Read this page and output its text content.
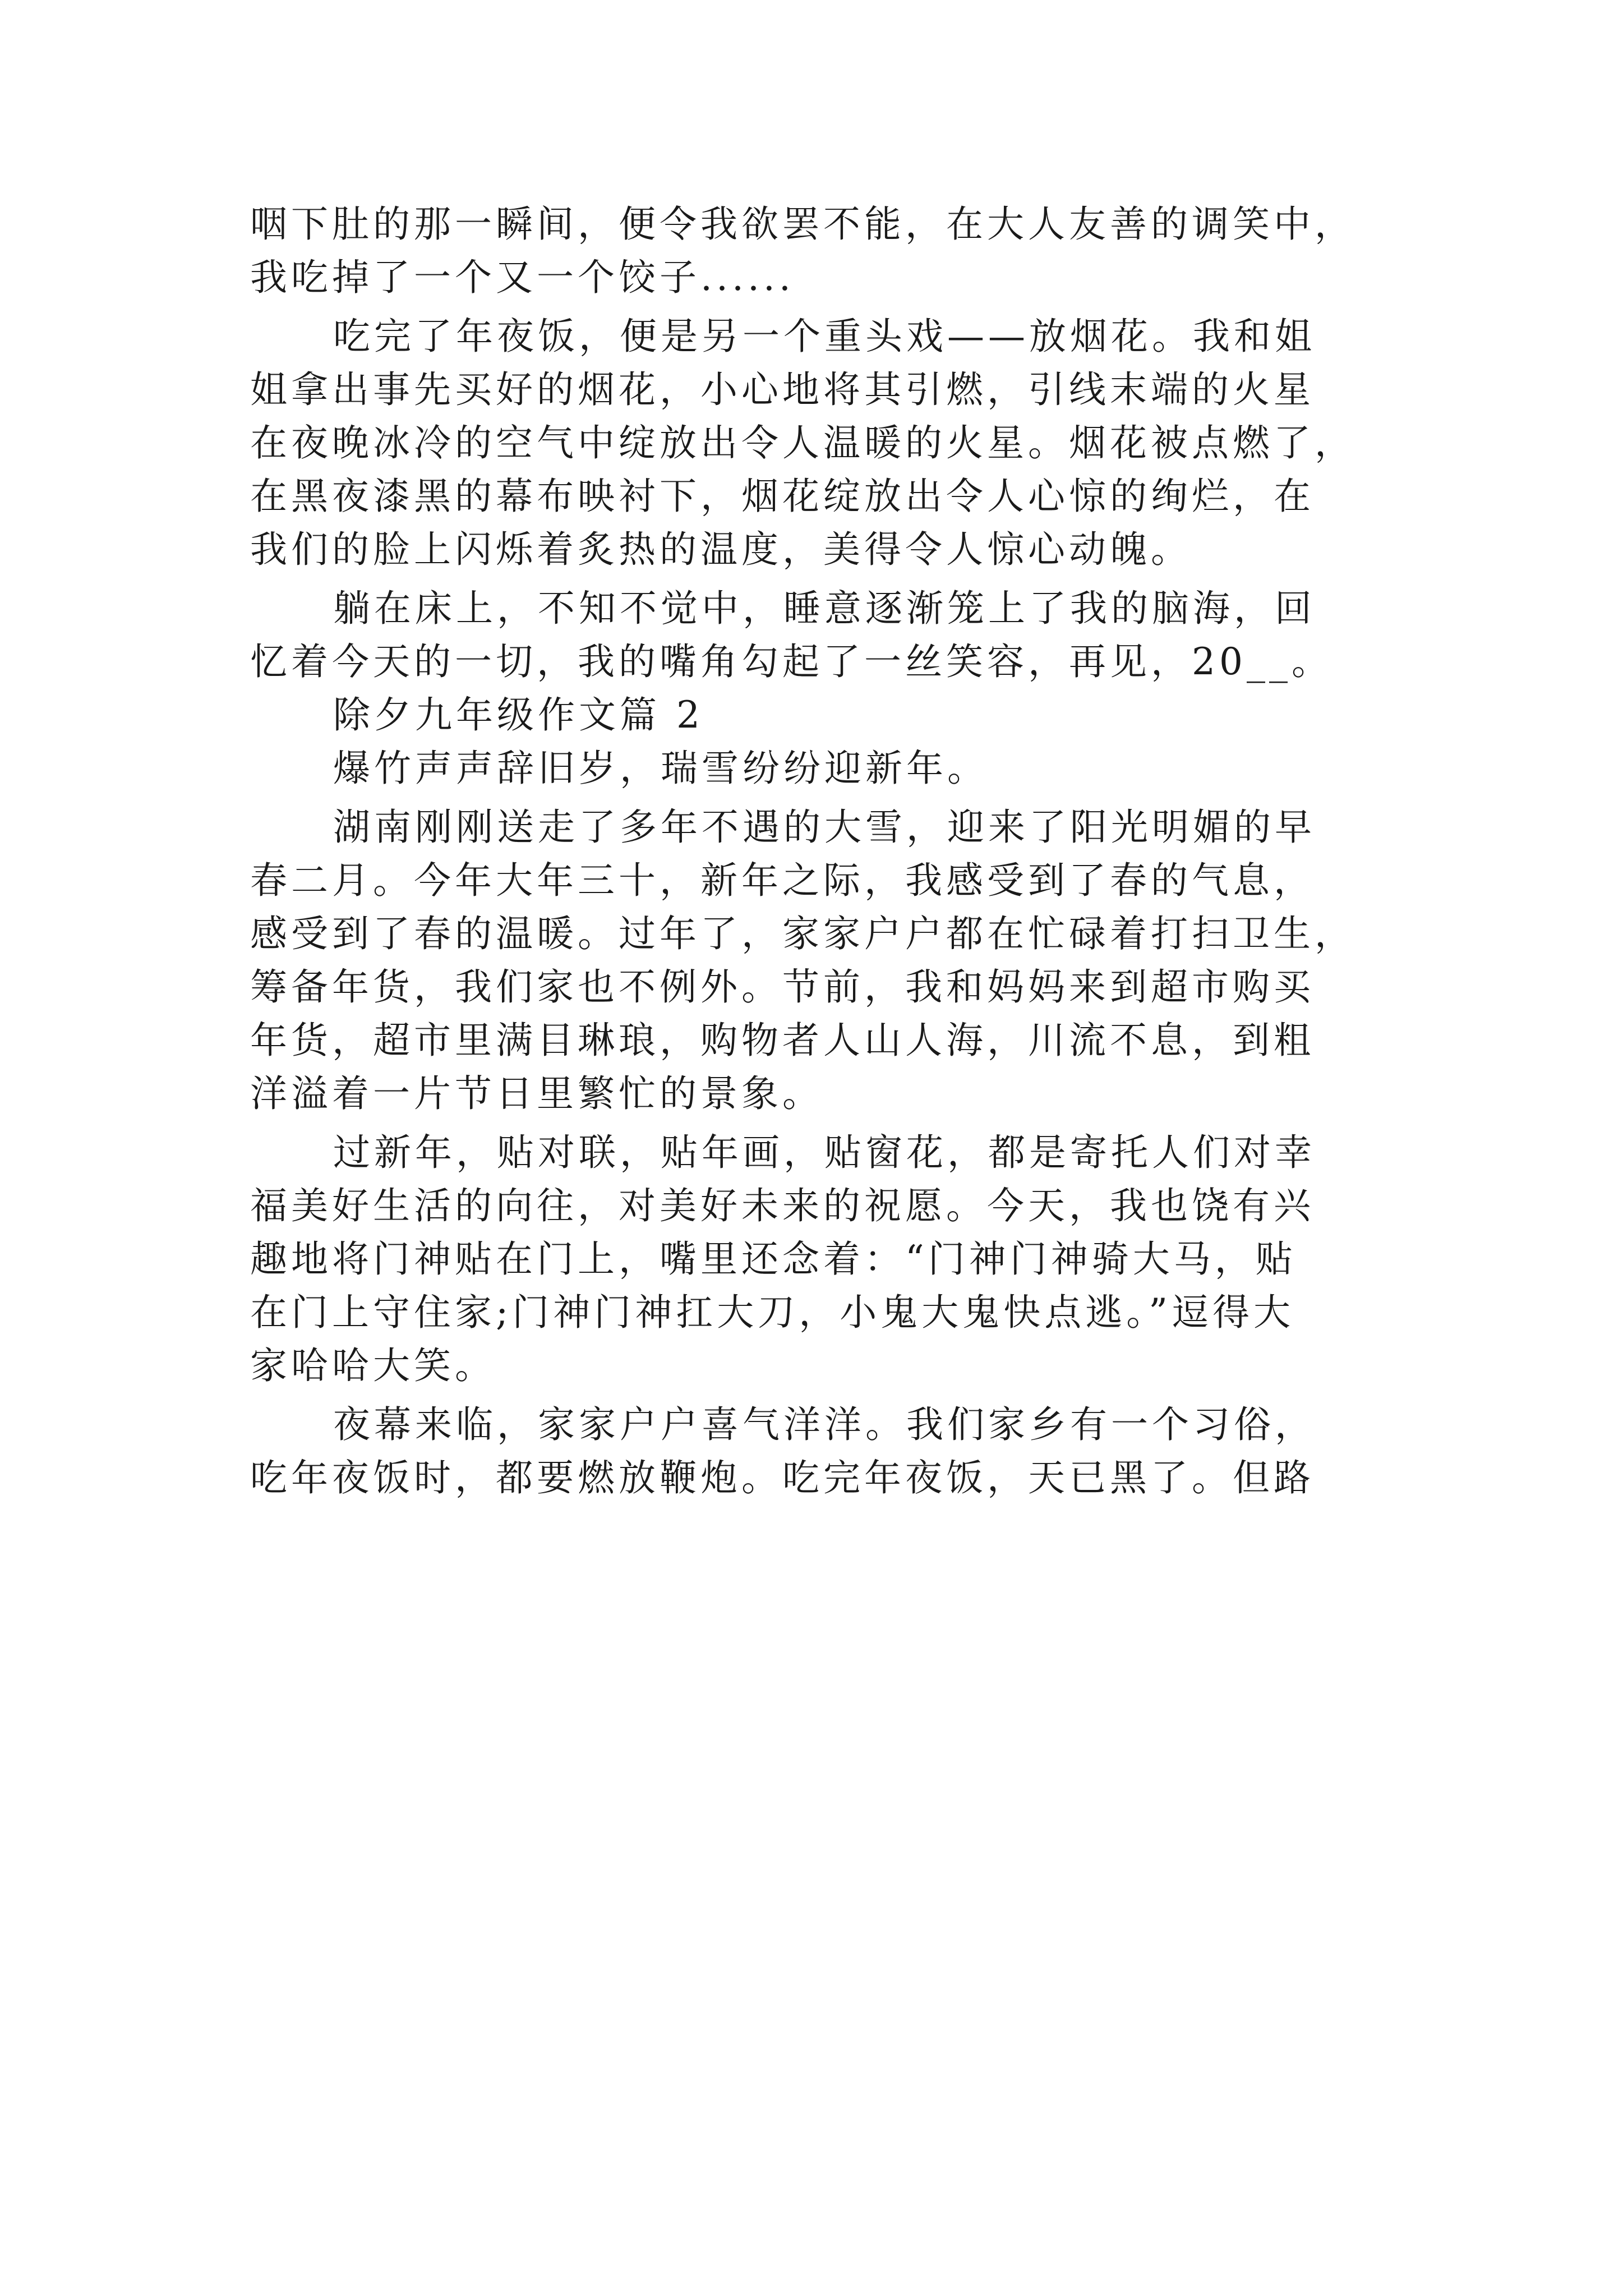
咽下肚的那一瞬间，便令我欲罢不能，在大人友善的调笑中，
我吃掉了一个又一个饺子......
吃完了年夜饭，便是另一个重头戏——放烟花。我和姐
姐拿出事先买好的烟花，小心地将其引燃，引线末端的火星
在夜晚冰冷的空气中绽放出令人温暖的火星。烟花被点燃了，
在黑夜漆黑的幕布映衬下，烟花绽放出令人心惊的绚烂，在
我们的脸上闪烁着炙热的温度，美得令人惊心动魄。
躺在床上，不知不觉中，睡意逐渐笼上了我的脑海，回
忆着今天的一切，我的嘴角勾起了一丝笑容，再见，20__。
除夕九年级作文篇 2
爆竹声声辞旧岁，瑞雪纷纷迎新年。
湖南刚刚送走了多年不遇的大雪，迎来了阳光明媚的早
春二月。今年大年三十，新年之际，我感受到了春的气息，
感受到了春的温暖。过年了，家家户户都在忙碌着打扫卫生，
筹备年货，我们家也不例外。节前，我和妈妈来到超市购买
年货，超市里满目琳琅，购物者人山人海，川流不息，到粗
洋溢着一片节日里繁忙的景象。
过新年，贴对联，贴年画，贴窗花，都是寄托人们对幸
福美好生活的向往，对美好未来的祝愿。今天，我也饶有兴
趣地将门神贴在门上，嘴里还念着：“门神门神骑大马，贴
在门上守住家;门神门神扛大刀，小鬼大鬼快点逃。”逗得大
家哈哈大笑。
夜幕来临，家家户户喜气洋洋。我们家乡有一个习俗，
吃年夜饭时，都要燃放鞭炮。吃完年夜饭，天已黑了。但路
